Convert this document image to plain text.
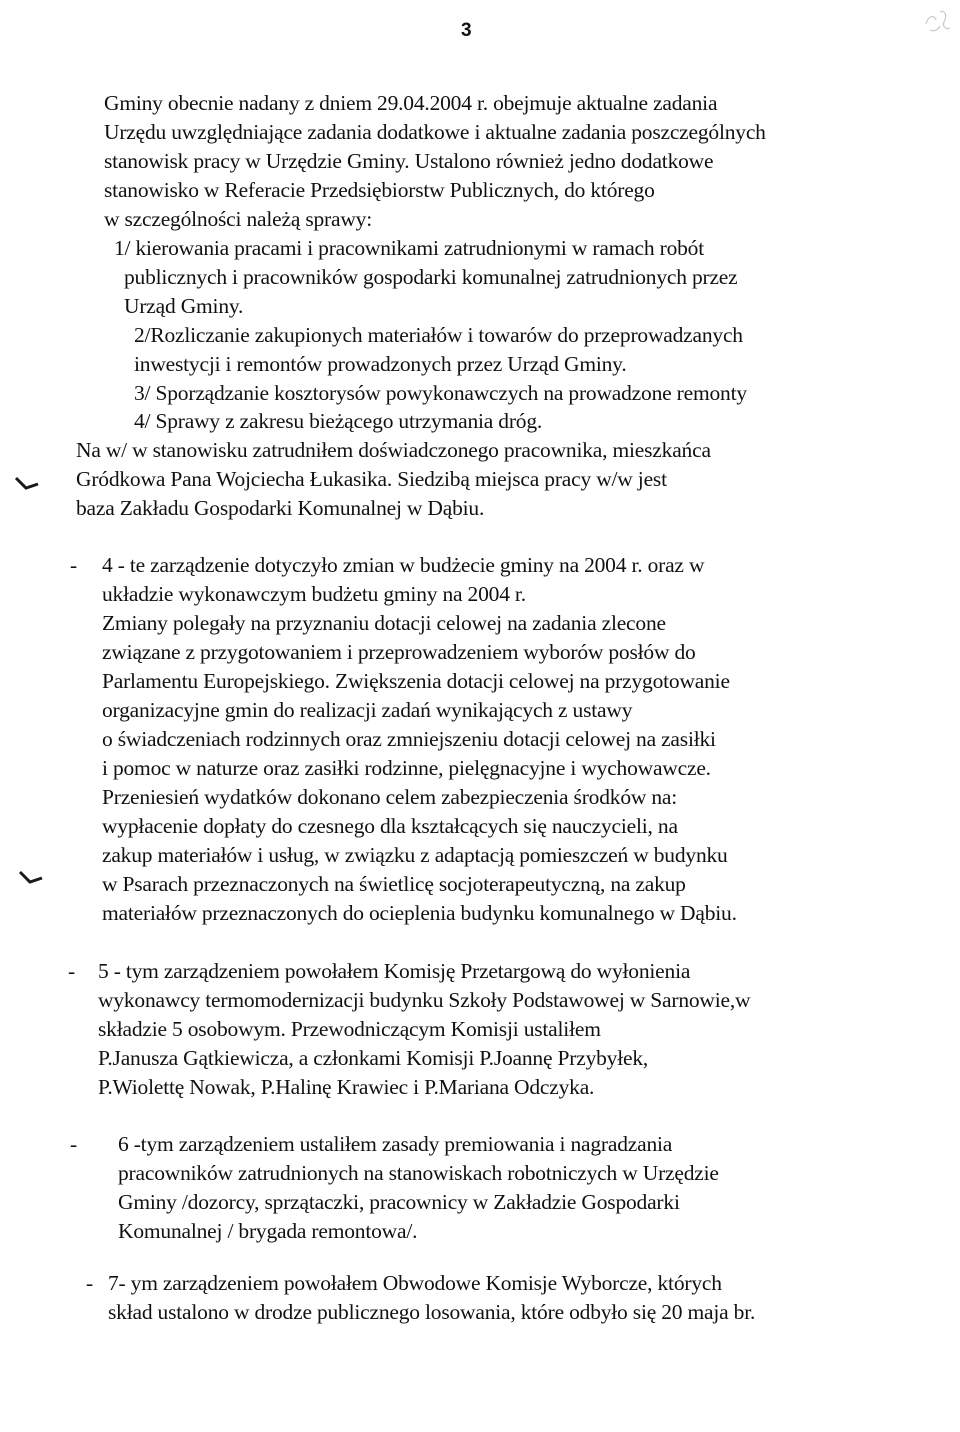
3
Gminy obecnie nadany z dniem 29.04.2004 r. obejmuje aktualne zadania
Urzędu uwzględniające zadania dodatkowe i aktualne zadania poszczególnych
stanowisk pracy w Urzędzie Gminy. Ustalono również jedno dodatkowe
stanowisko w Referacie Przedsiębiorstw Publicznych, do którego
w szczególności należą sprawy:
1/ kierowania pracami i pracownikami zatrudnionymi w ramach robót
publicznych i pracowników gospodarki komunalnej zatrudnionych przez
Urząd Gminy.
2/Rozliczanie zakupionych materiałów i towarów do przeprowadzanych
inwestycji i remontów prowadzonych przez Urząd Gminy.
3/ Sporządzanie kosztorysów powykonawczych na prowadzone remonty
4/ Sprawy z zakresu bieżącego utrzymania dróg.
Na w/ w stanowisku zatrudniłem doświadczonego pracownika, mieszkańca
Gródkowa Pana Wojciecha Łukasika. Siedzibą miejsca pracy w/w jest
baza Zakładu Gospodarki Komunalnej w Dąbiu.
- 4 - te zarządzenie dotyczyło zmian w budżecie gminy na 2004 r. oraz w
układzie wykonawczym budżetu gminy na 2004 r.
Zmiany polegały na przyznaniu dotacji celowej na zadania zlecone
związane z przygotowaniem i przeprowadzeniem wyborów posłów do
Parlamentu Europejskiego. Zwiększenia dotacji celowej na przygotowanie
organizacyjne gmin do realizacji zadań wynikających z ustawy
o świadczeniach rodzinnych oraz zmniejszeniu dotacji celowej na zasiłki
i pomoc w naturze oraz zasiłki rodzinne, pielęgnacyjne i wychowawcze.
Przeniesień wydatków dokonano celem zabezpieczenia środków na:
wypłacenie dopłaty do czesnego dla kształcących się nauczycieli, na
zakup materiałów i usług, w związku z adaptacją pomieszczeń w budynku
w Psarach przeznaczonych na świetlicę socjoterapeutyczną, na zakup
materiałów przeznaczonych do ocieplenia budynku komunalnego w Dąbiu.
- 5 - tym zarządzeniem powołałem Komisję Przetargową do wyłonienia
wykonawcy termomodernizacji budynku Szkoły Podstawowej w Sarnowie,w
składzie 5 osobowym. Przewodniczącym Komisji ustaliłem
P.Janusza Gątkiewicza, a członkami Komisji P.Joannę Przybyłek,
P.Wiolettę Nowak, P.Halinę Krawiec i P.Mariana Odczyka.
- 6 -tym zarządzeniem ustaliłem zasady premiowania i nagradzania
pracowników zatrudnionych na stanowiskach robotniczych w Urzędzie
Gminy /dozorcy, sprzątaczki, pracownicy w Zakładzie Gospodarki
Komunalnej / brygada remontowa/.
- 7- ym zarządzeniem powołałem Obwodowe Komisje Wyborcze, których
skład ustalono w drodze publicznego losowania, które odbyło się 20 maja br.
